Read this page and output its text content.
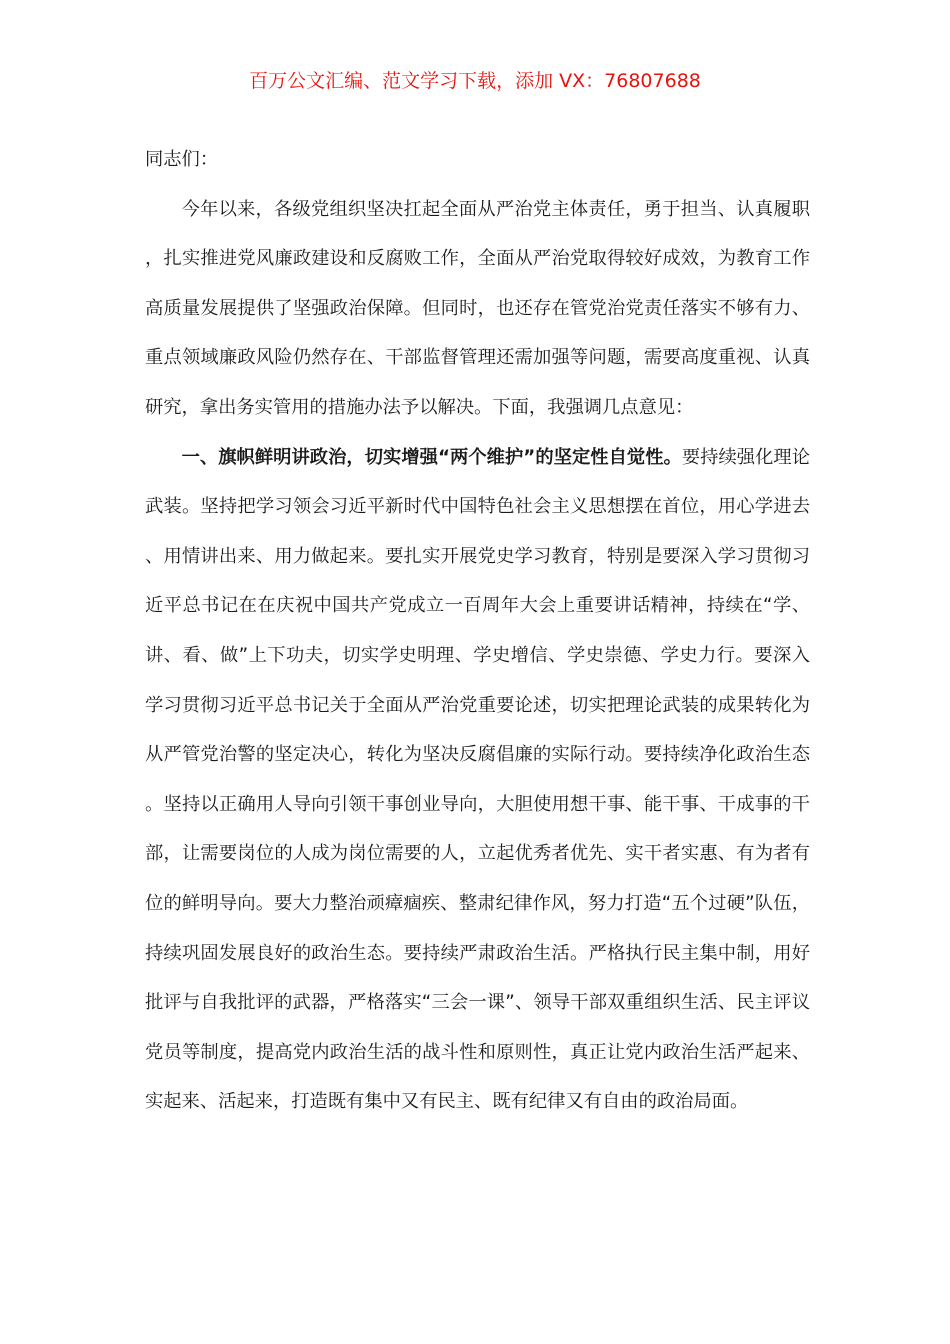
百万公文汇编、范文学习下载，添加 VX：76807688

同志们：

今年以来，各级党组织坚决扛起全面从严治党主体责任，勇于担当、认真履职，扎实推进党风廉政建设和反腐败工作，全面从严治党取得较好成效，为教育工作高质量发展提供了坚强政治保障。但同时，也还存在管党治党责任落实不够有力、重点领域廉政风险仍然存在、干部监督管理还需加强等问题，需要高度重视、认真研究，拿出务实管用的措施办法予以解决。下面，我强调几点意见：

一、旗帜鲜明讲政治，切实增强“两个维护”的坚定性自觉性。要持续强化理论武装。坚持把学习领会习近平新时代中国特色社会主义思想摆在首位，用心学进去、用情讲出来、用力做起来。要扎实开展党史学习教育，特别是要深入学习贯彻习近平总书记在在庆祝中国共产党成立一百周年大会上重要讲话精神，持续在“学、讲、看、做”上下功夫，切实学史明理、学史增信、学史崇德、学史力行。要深入学习贯彻习近平总书记关于全面从严治党重要论述，切实把理论武装的成果转化为从严管党治警的坚定决心，转化为坚决反腐倡廉的实际行动。要持续净化政治生态。坚持以正确用人导向引领干事创业导向，大胆使用想干事、能干事、干成事的干部，让需要岗位的人成为岗位需要的人，立起优秀者优先、实干者实惠、有为者有位的鲜明导向。要大力整治顽瘴痼疾、整肃纪律作风，努力打造“五个过硬”队伍，持续巩固发展良好的政治生态。要持续严肃政治生活。严格执行民主集中制，用好批评与自我批评的武器，严格落实“三会一课”、领导干部双重组织生活、民主评议党员等制度，提高党内政治生活的战斗性和原则性，真正让党内政治生活严起来、实起来、活起来，打造既有集中又有民主、既有纪律又有自由的政治局面。
